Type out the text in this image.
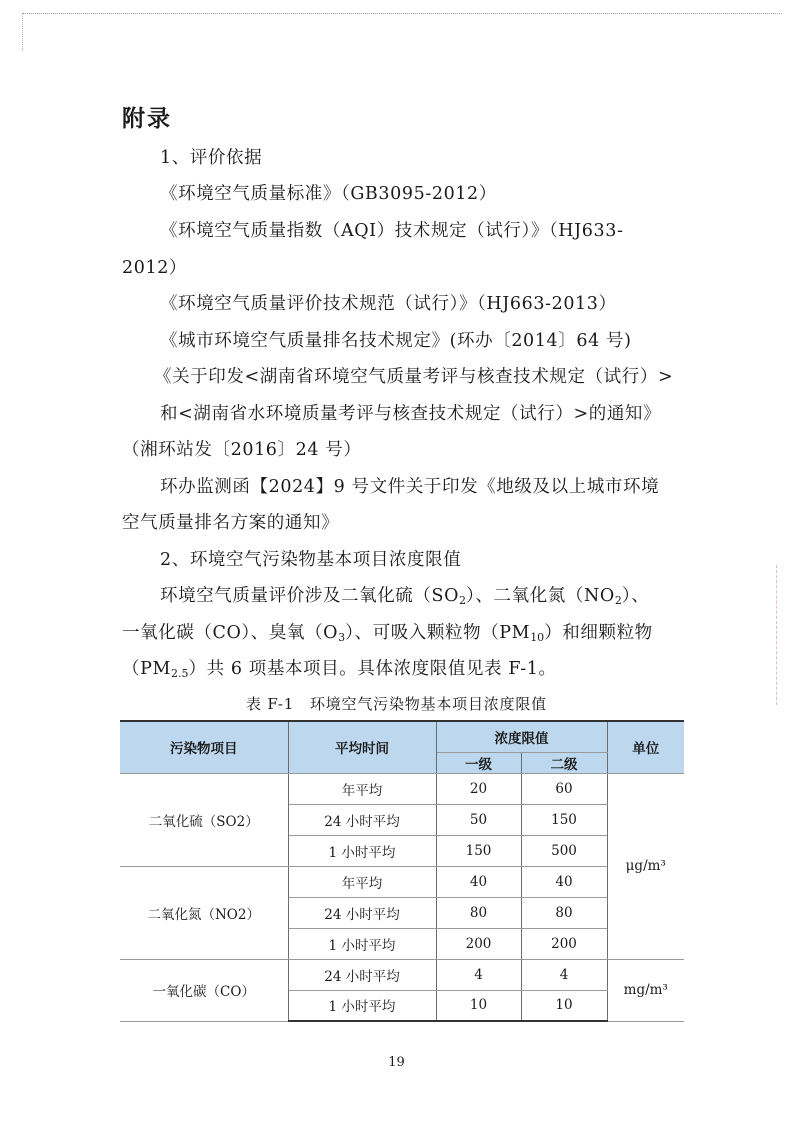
附录
1、评价依据
《环境空气质量标准》（GB3095-2012）
《环境空气质量指数（AQI）技术规定（试行）》（HJ633-
2012）
《环境空气质量评价技术规范（试行）》（HJ663-2013）
《城市环境空气质量排名技术规定》(环办〔2014〕64 号)
《关于印发<湖南省环境空气质量考评与核查技术规定（试行）>
和<湖南省水环境质量考评与核查技术规定（试行）>的通知》
（湘环站发〔2016〕24 号）
环办监测函【2024】9 号文件关于印发《地级及以上城市环境
空气质量排名方案的通知》
2、环境空气污染物基本项目浓度限值
环境空气质量评价涉及二氧化硫$(SO_2)$、二氧化氮$(NO_2)$、
一氧化碳（CO）、臭氧$(O_3)$、可吸入颗粒物$(PM_{10})$和细颗粒物
$(PM_{2.5})$共 6 项基本项目。具体浓度限值见表 F-1。
表 F-1　环境空气污染物基本项目浓度限值
污染物项目	平均时间	浓度限值		单位
		一级	二级	
二氧化硫（SO2）	年平均	20	60	μg/m³
	24 小时平均	50	150	
	1 小时平均	150	500	
二氧化氮（NO2）	年平均	40	40	
	24 小时平均	80	80	
	1 小时平均	200	200	
一氧化碳（CO）	24 小时平均	4	4	mg/m³
	1 小时平均	10	10	
19
